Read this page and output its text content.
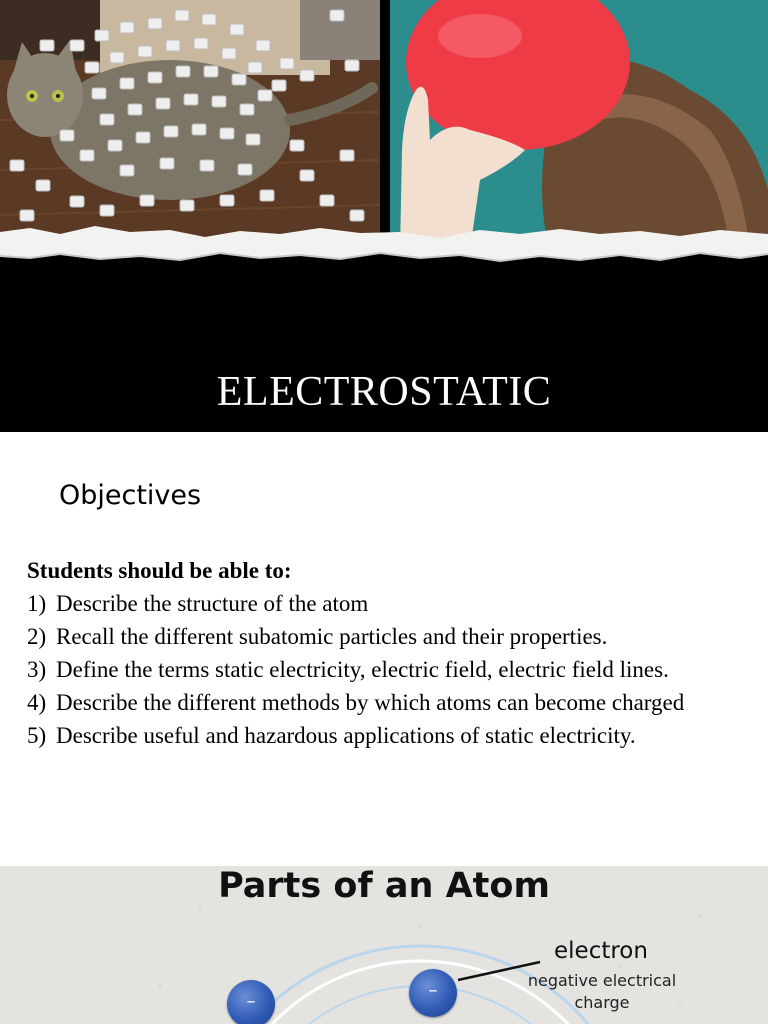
ELECTROSTATIC
Objectives
Students should be able to:
1) Describe the structure of the atom
2) Recall the different subatomic particles and their properties.
3) Define the terms static electricity, electric field, electric field lines.
4) Describe the different methods by which atoms can become charged
5) Describe useful and hazardous applications of static electricity.
Parts of an Atom
–
–
electron
negative electrical charge
